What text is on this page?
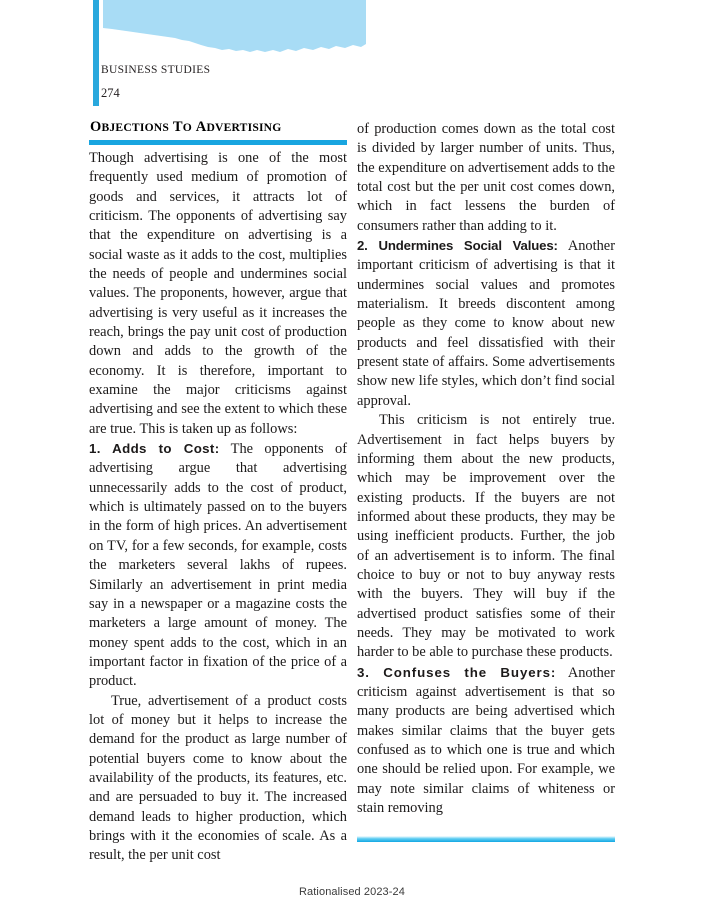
BUSINESS STUDIES
274
OBJECTIONS TO ADVERTISING

Though advertising is one of the most frequently used medium of promotion of goods and services, it attracts lot of criticism. The opponents of advertising say that the expenditure on advertising is a social waste as it adds to the cost, multiplies the needs of people and undermines social values. The proponents, however, argue that advertising is very useful as it increases the reach, brings the pay unit cost of production down and adds to the growth of the economy. It is therefore, important to examine the major criticisms against advertising and see the extent to which these are true. This is taken up as follows:

1. Adds to Cost: The opponents of advertising argue that advertising unnecessarily adds to the cost of product, which is ultimately passed on to the buyers in the form of high prices. An advertisement on TV, for a few seconds, for example, costs the marketers several lakhs of rupees. Similarly an advertisement in print media say in a newspaper or a magazine costs the marketers a large amount of money. The money spent adds to the cost, which in an important factor in fixation of the price of a product.

True, advertisement of a product costs lot of money but it helps to increase the demand for the product as large number of potential buyers come to know about the availability of the products, its features, etc. and are persuaded to buy it. The increased demand leads to higher production, which brings with it the economies of scale. As a result, the per unit cost

of production comes down as the total cost is divided by larger number of units. Thus, the expenditure on advertisement adds to the total cost but the per unit cost comes down, which in fact lessens the burden of consumers rather than adding to it.

2. Undermines Social Values: Another important criticism of advertising is that it undermines social values and promotes materialism. It breeds discontent among people as they come to know about new products and feel dissatisfied with their present state of affairs. Some advertisements show new life styles, which don’t find social approval.

This criticism is not entirely true. Advertisement in fact helps buyers by informing them about the new products, which may be improvement over the existing products. If the buyers are not informed about these products, they may be using inefficient products. Further, the job of an advertisement is to inform. The final choice to buy or not to buy anyway rests with the buyers. They will buy if the advertised product satisfies some of their needs. They may be motivated to work harder to be able to purchase these products.

3. Confuses the Buyers: Another criticism against advertisement is that so many products are being advertised which makes similar claims that the buyer gets confused as to which one is true and which one should be relied upon. For example, we may note similar claims of whiteness or stain removing

Rationalised 2023-24
